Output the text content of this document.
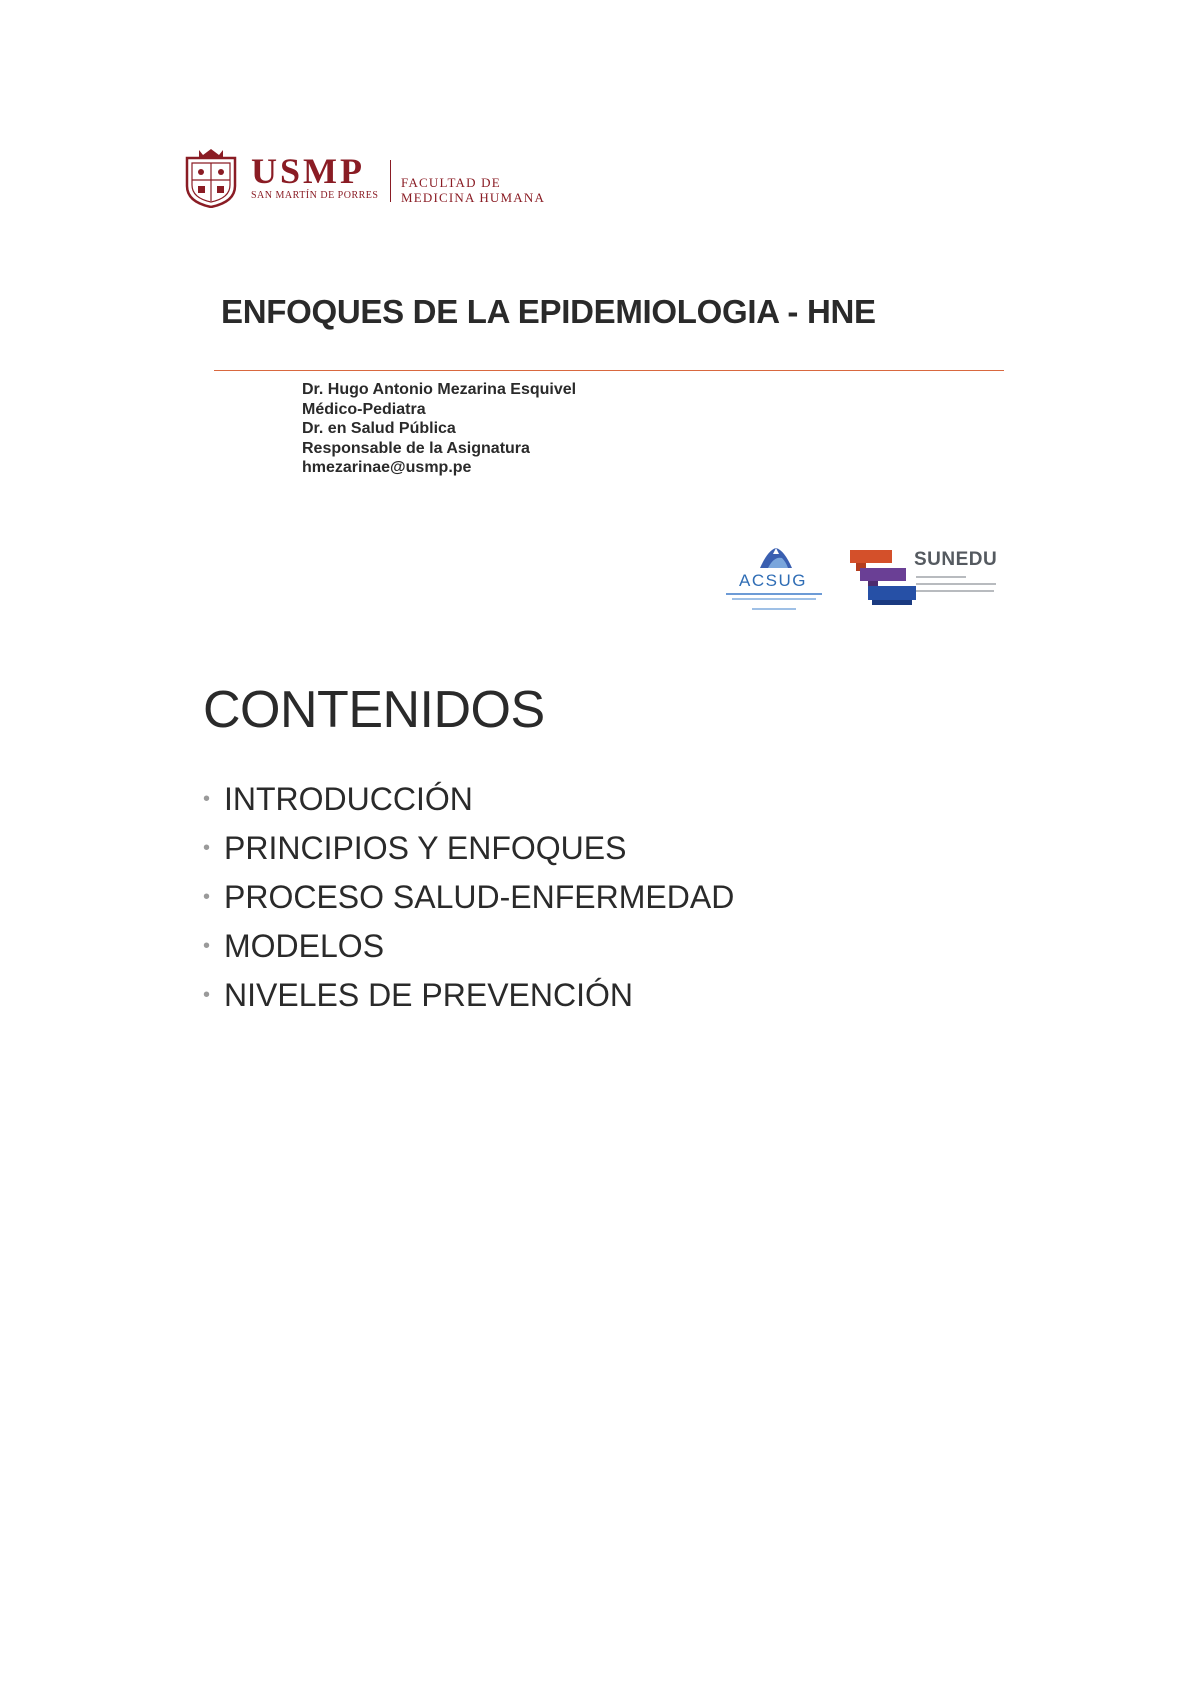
USMP
SAN MARTÍN DE PORRES
FACULTAD DE
MEDICINA HUMANA
ENFOQUES DE LA EPIDEMIOLOGIA - HNE
Dr. Hugo Antonio Mezarina Esquivel
Médico-Pediatra
Dr. en Salud Pública
Responsable de la Asignatura
hmezarinae@usmp.pe
ACSUG
SUNEDU
CONTENIDOS
• INTRODUCCIÓN
• PRINCIPIOS Y ENFOQUES
• PROCESO SALUD-ENFERMEDAD
• MODELOS
• NIVELES DE PREVENCIÓN
